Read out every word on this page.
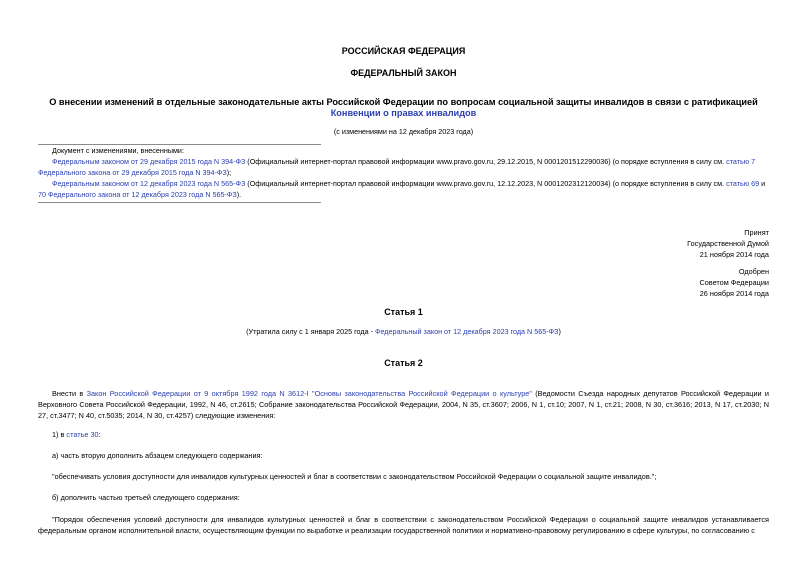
РОССИЙСКАЯ ФЕДЕРАЦИЯ
ФЕДЕРАЛЬНЫЙ ЗАКОН
О внесении изменений в отдельные законодательные акты Российской Федерации по вопросам социальной защиты инвалидов в связи с ратификацией
Конвенции о правах инвалидов
(с изменениями на 12 декабря 2023 года)
Документ с изменениями, внесенными:
Федеральным законом от 29 декабря 2015 года N 394-ФЗ (Официальный интернет-портал правовой информации www.pravo.gov.ru, 29.12.2015, N 0001201512290036) (о порядке вступления в силу см. статью 7 Федерального закона от 29 декабря 2015 года N 394-ФЗ);
Федеральным законом от 12 декабря 2023 года N 565-ФЗ (Официальный интернет-портал правовой информации www.pravo.gov.ru, 12.12.2023, N 0001202312120034) (о порядке вступления в силу см. статью 69 и 70 Федерального закона от 12 декабря 2023 года N 565-ФЗ).
Принят
Государственной Думой
21 ноября 2014 года
Одобрен
Советом Федерации
26 ноября 2014 года
Статья 1
(Утратила силу с 1 января 2025 года - Федеральный закон от 12 декабря 2023 года N 565-ФЗ)
Статья 2
Внести в Закон Российской Федерации от 9 октября 1992 года N 3612-I "Основы законодательства Российской Федерации о культуре" (Ведомости Съезда народных депутатов Российской Федерации и Верховного Совета Российской Федерации, 1992, N 46, ст.2615; Собрание законодательства Российской Федерации, 2004, N 35, ст.3607; 2006, N 1, ст.10; 2007, N 1, ст.21; 2008, N 30, ст.3616; 2013, N 17, ст.2030; N 27, ст.3477; N 40, ст.5035; 2014, N 30, ст.4257) следующие изменения:
1) в статье 30:
а) часть вторую дополнить абзацем следующего содержания:
"обеспечивать условия доступности для инвалидов культурных ценностей и благ в соответствии с законодательством Российской Федерации о социальной защите инвалидов.";
б) дополнить частью третьей следующего содержания:
"Порядок обеспечения условий доступности для инвалидов культурных ценностей и благ в соответствии с законодательством Российской Федерации о социальной защите инвалидов устанавливается федеральным органом исполнительной власти, осуществляющим функции по выработке и реализации государственной политики и нормативно-правовому регулированию в сфере культуры, по согласованию с
